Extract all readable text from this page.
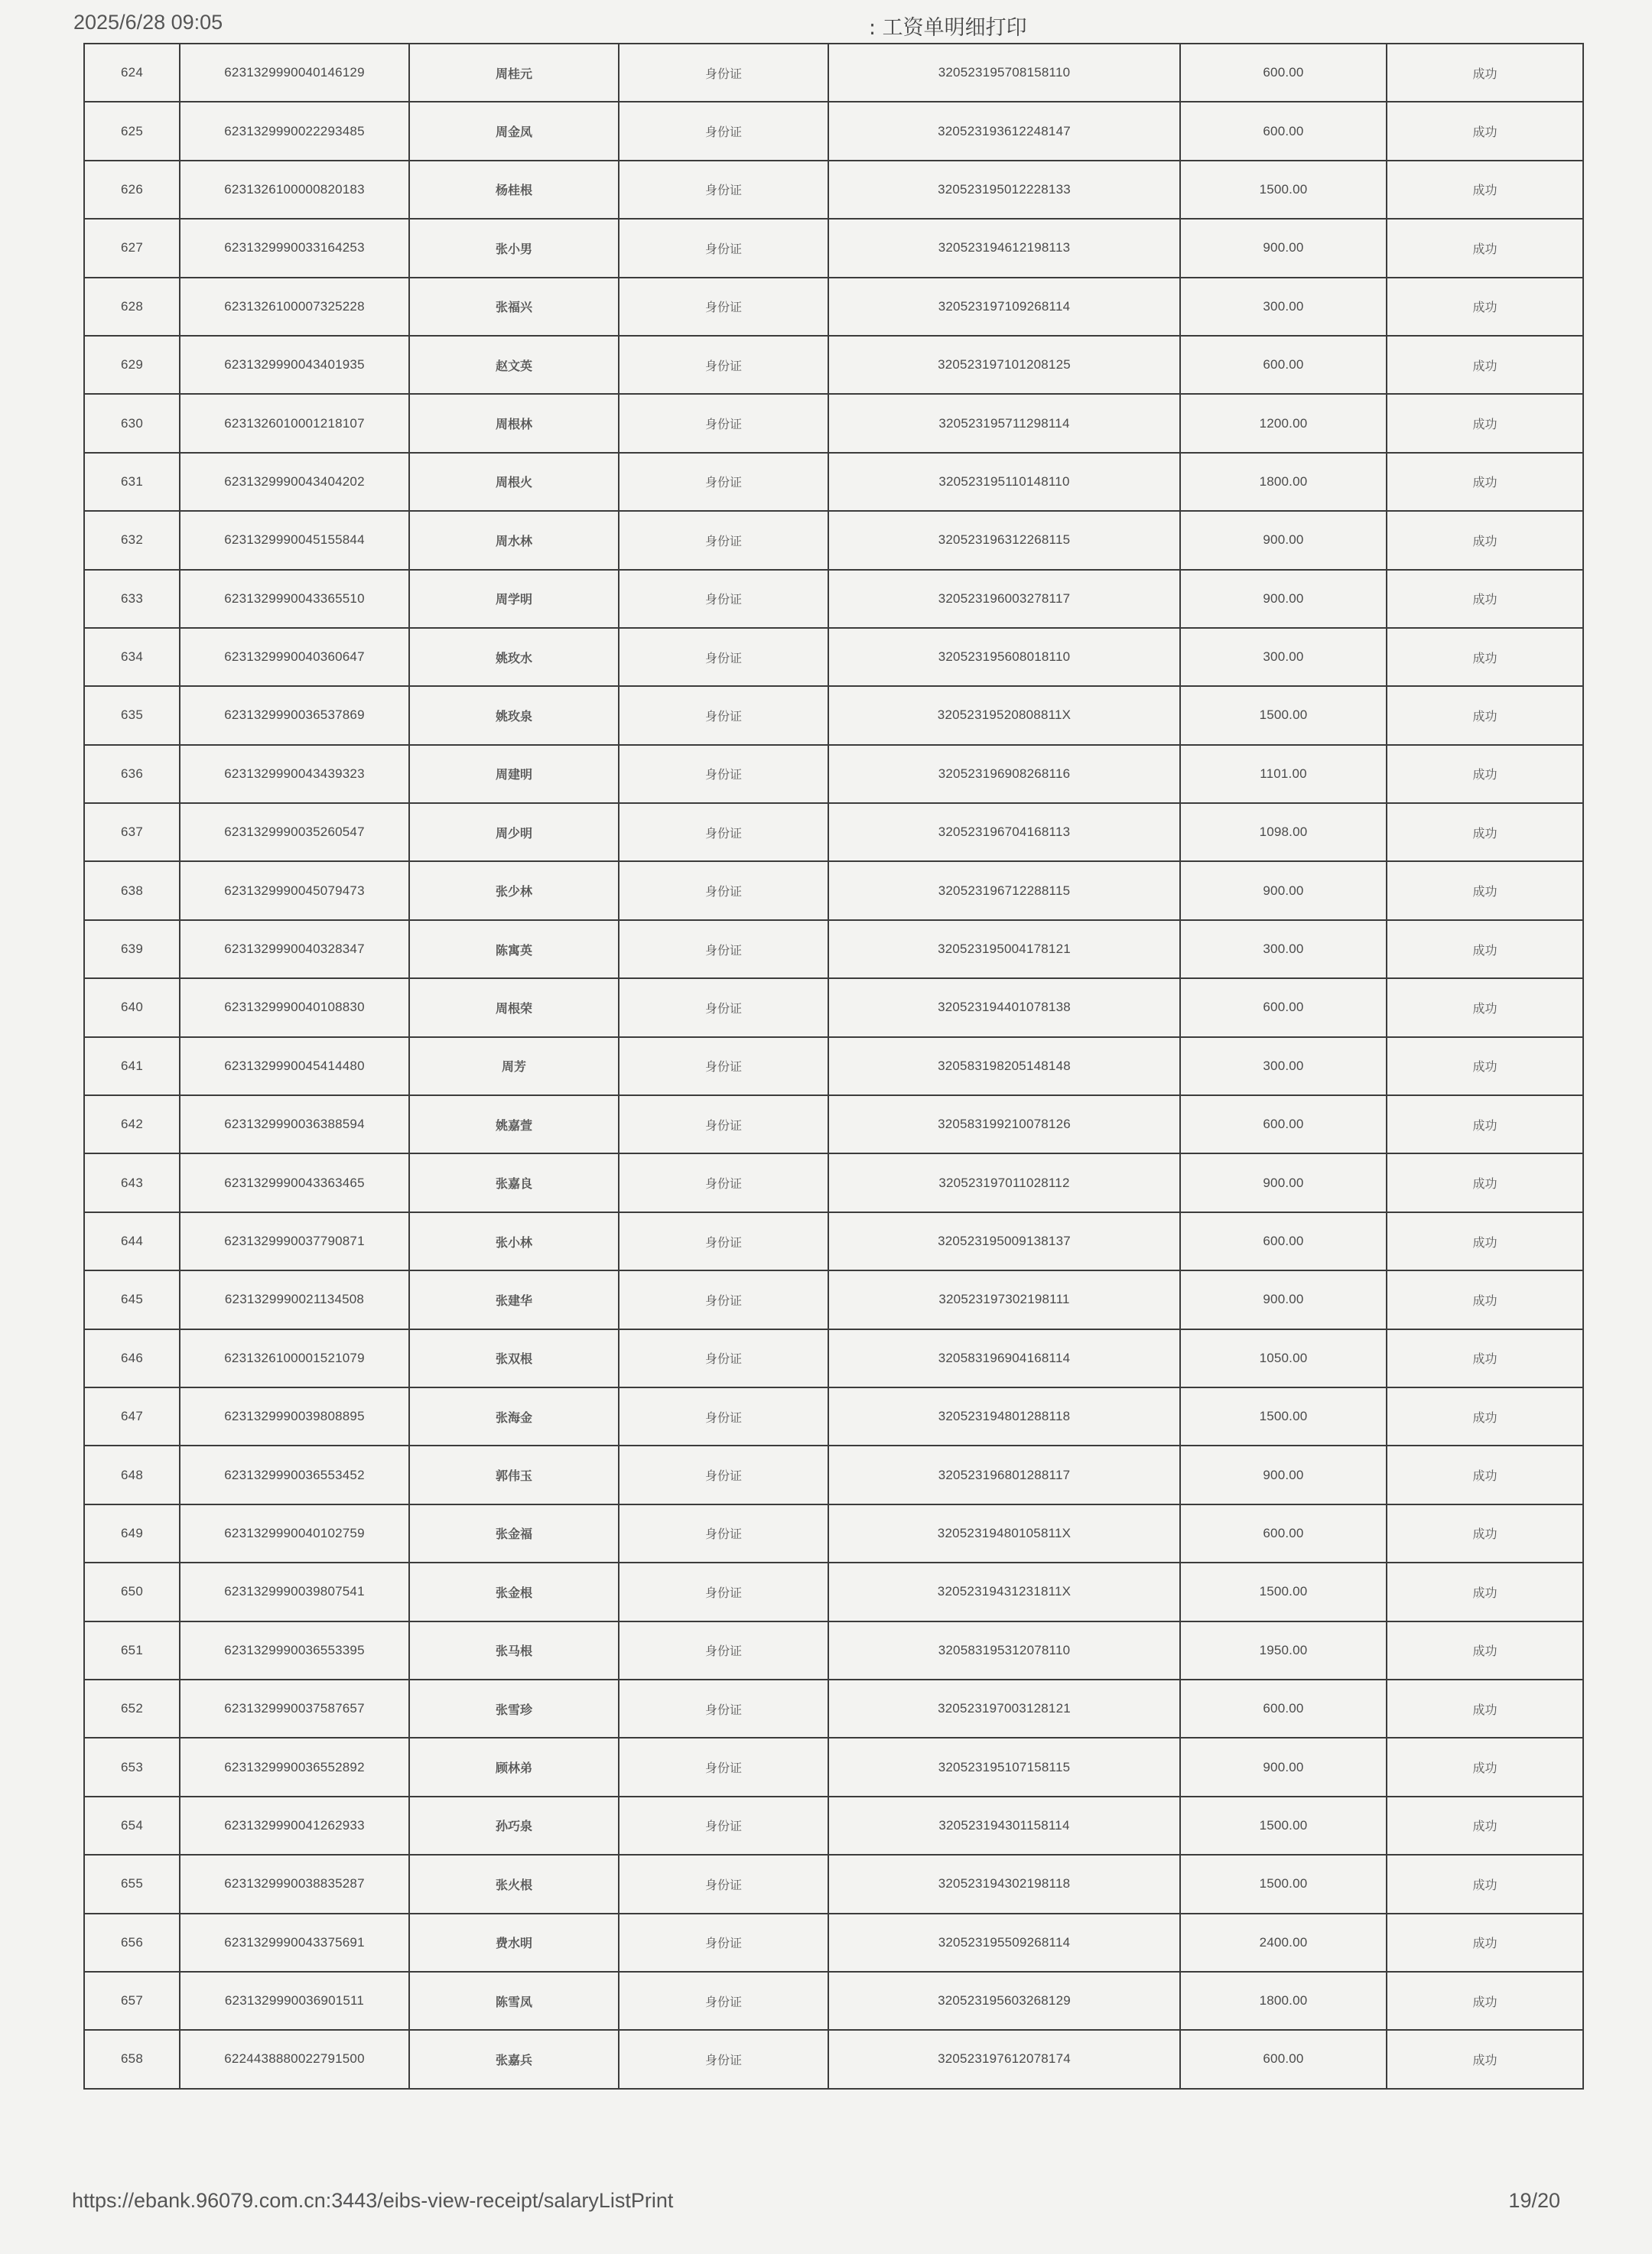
2025/6/28 09:05	: 工资单明细打印
624	6231329990040146129	周桂元	身份证	320523195708158110	600.00	成功
625	6231329990022293485	周金凤	身份证	320523193612248147	600.00	成功
626	6231326100000820183	杨桂根	身份证	320523195012228133	1500.00	成功
627	6231329990033164253	张小男	身份证	320523194612198113	900.00	成功
628	6231326100007325228	张福兴	身份证	320523197109268114	300.00	成功
629	6231329990043401935	赵文英	身份证	320523197101208125	600.00	成功
630	6231326010001218107	周根林	身份证	320523195711298114	1200.00	成功
631	6231329990043404202	周根火	身份证	320523195110148110	1800.00	成功
632	6231329990045155844	周水林	身份证	320523196312268115	900.00	成功
633	6231329990043365510	周学明	身份证	320523196003278117	900.00	成功
634	6231329990040360647	姚玫水	身份证	320523195608018110	300.00	成功
635	6231329990036537869	姚玫泉	身份证	32052319520808811X	1500.00	成功
636	6231329990043439323	周建明	身份证	320523196908268116	1101.00	成功
637	6231329990035260547	周少明	身份证	320523196704168113	1098.00	成功
638	6231329990045079473	张少林	身份证	320523196712288115	900.00	成功
639	6231329990040328347	陈寓英	身份证	320523195004178121	300.00	成功
640	6231329990040108830	周根荣	身份证	320523194401078138	600.00	成功
641	6231329990045414480	周芳	身份证	320583198205148148	300.00	成功
642	6231329990036388594	姚嘉萱	身份证	320583199210078126	600.00	成功
643	6231329990043363465	张嘉良	身份证	320523197011028112	900.00	成功
644	6231329990037790871	张小林	身份证	320523195009138137	600.00	成功
645	6231329990021134508	张建华	身份证	320523197302198111	900.00	成功
646	6231326100001521079	张双根	身份证	320583196904168114	1050.00	成功
647	6231329990039808895	张海金	身份证	320523194801288118	1500.00	成功
648	6231329990036553452	郭伟玉	身份证	320523196801288117	900.00	成功
649	6231329990040102759	张金福	身份证	32052319480105811X	600.00	成功
650	6231329990039807541	张金根	身份证	32052319431231811X	1500.00	成功
651	6231329990036553395	张马根	身份证	320583195312078110	1950.00	成功
652	6231329990037587657	张雪珍	身份证	320523197003128121	600.00	成功
653	6231329990036552892	顾林弟	身份证	320523195107158115	900.00	成功
654	6231329990041262933	孙巧泉	身份证	320523194301158114	1500.00	成功
655	6231329990038835287	张火根	身份证	320523194302198118	1500.00	成功
656	6231329990043375691	费水明	身份证	320523195509268114	2400.00	成功
657	6231329990036901511	陈雪凤	身份证	320523195603268129	1800.00	成功
658	6224438880022791500	张嘉兵	身份证	320523197612078174	600.00	成功
https://ebank.96079.com.cn:3443/eibs-view-receipt/salaryListPrint	19/20
